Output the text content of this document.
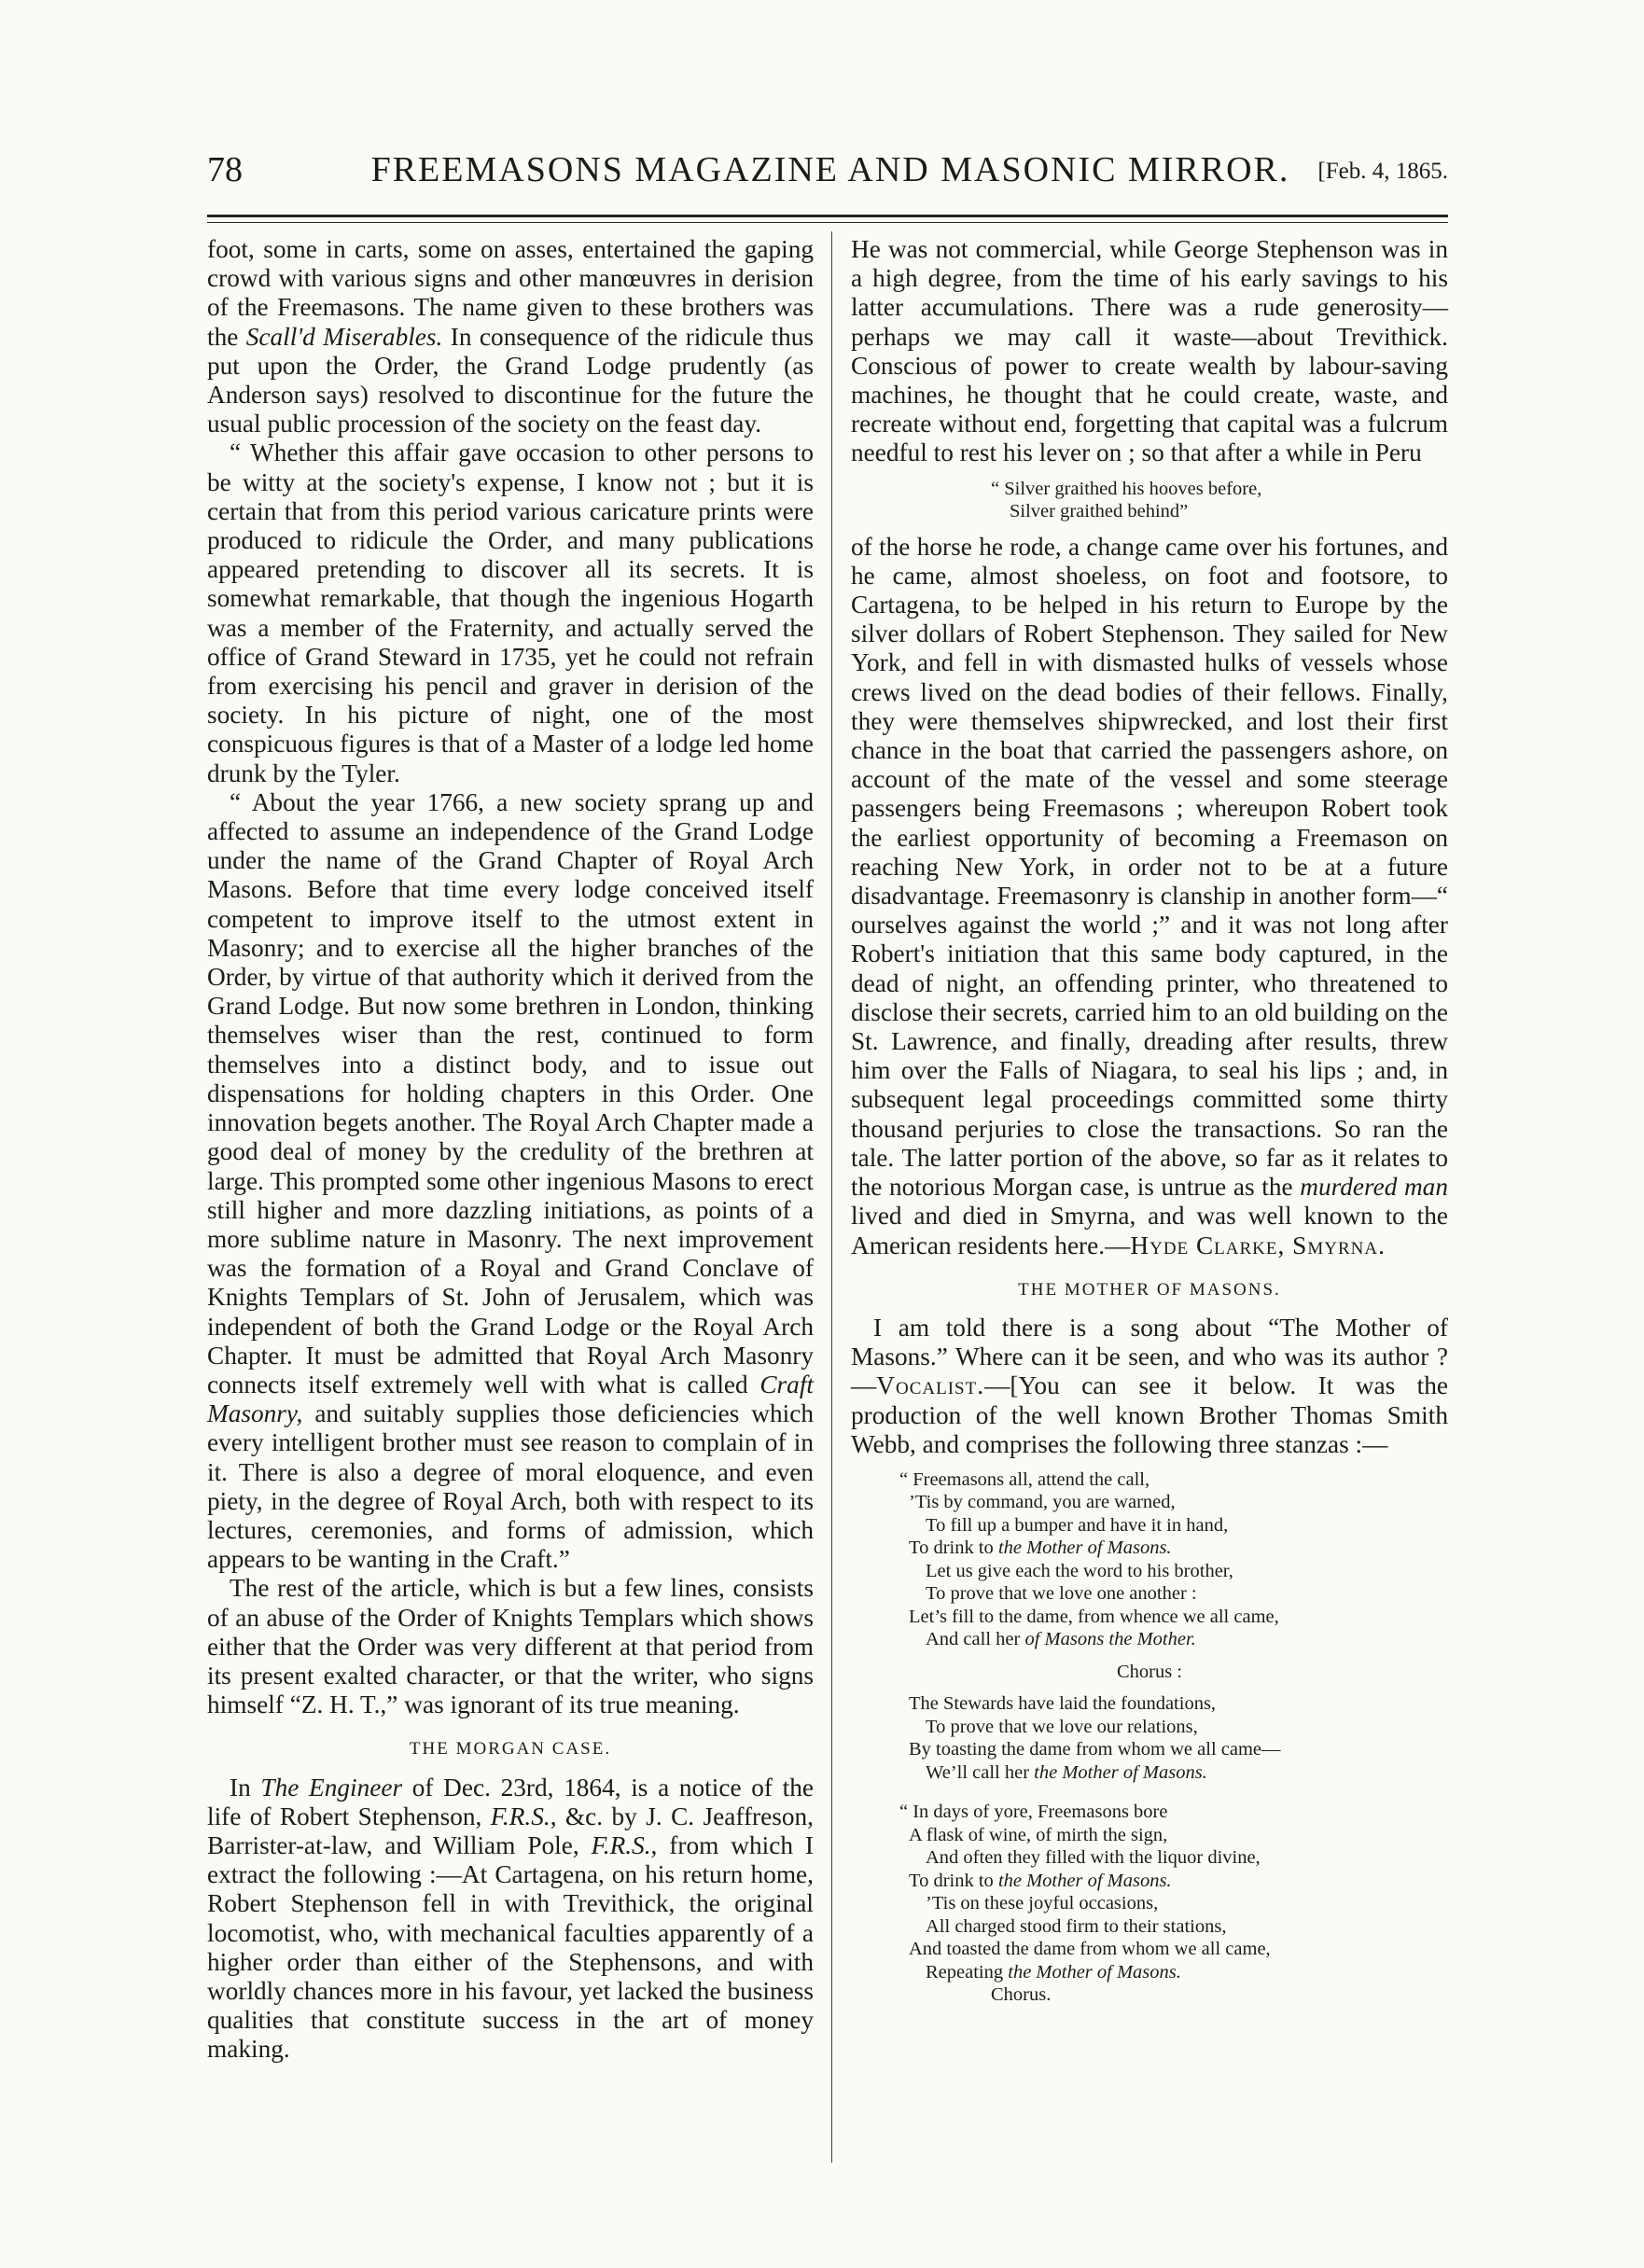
78	FREEMASONS MAGAZINE AND MASONIC MIRROR.	[Feb. 4, 1865.

foot, some in carts, some on asses, entertained the gaping crowd with various signs and other manœuvres in derision of the Freemasons. The name given to these brothers was the Scall'd Miserables. In consequence of the ridicule thus put upon the Order, the Grand Lodge prudently (as Anderson says) resolved to discontinue for the future the usual public procession of the society on the feast day.

“ Whether this affair gave occasion to other persons to be witty at the society's expense, I know not ; but it is certain that from this period various caricature prints were produced to ridicule the Order, and many publications appeared pretending to discover all its secrets. It is somewhat remarkable, that though the ingenious Hogarth was a member of the Fraternity, and actually served the office of Grand Steward in 1735, yet he could not refrain from exercising his pencil and graver in derision of the society. In his picture of night, one of the most conspicuous figures is that of a Master of a lodge led home drunk by the Tyler.

“ About the year 1766, a new society sprang up and affected to assume an independence of the Grand Lodge under the name of the Grand Chapter of Royal Arch Masons. Before that time every lodge conceived itself competent to improve itself to the utmost extent in Masonry; and to exercise all the higher branches of the Order, by virtue of that authority which it derived from the Grand Lodge. But now some brethren in London, thinking themselves wiser than the rest, continued to form themselves into a distinct body, and to issue out dispensations for holding chapters in this Order. One innovation begets another. The Royal Arch Chapter made a good deal of money by the credulity of the brethren at large. This prompted some other ingenious Masons to erect still higher and more dazzling initiations, as points of a more sublime nature in Masonry. The next improvement was the formation of a Royal and Grand Conclave of Knights Templars of St. John of Jerusalem, which was independent of both the Grand Lodge or the Royal Arch Chapter. It must be admitted that Royal Arch Masonry connects itself extremely well with what is called Craft Masonry, and suitably supplies those deficiencies which every intelligent brother must see reason to complain of in it. There is also a degree of moral eloquence, and even piety, in the degree of Royal Arch, both with respect to its lectures, ceremonies, and forms of admission, which appears to be wanting in the Craft.”

The rest of the article, which is but a few lines, consists of an abuse of the Order of Knights Templars which shows either that the Order was very different at that period from its present exalted character, or that the writer, who signs himself “Z. H. T.,” was ignorant of its true meaning.

THE MORGAN CASE.

In The Engineer of Dec. 23rd, 1864, is a notice of the life of Robert Stephenson, F.R.S., &c. by J. C. Jeaffreson, Barrister-at-law, and William Pole, F.R.S., from which I extract the following :—At Cartagena, on his return home, Robert Stephenson fell in with Trevithick, the original locomotist, who, with mechanical faculties apparently of a higher order than either of the Stephensons, and with worldly chances more in his favour, yet lacked the business qualities that constitute success in the art of money making.

He was not commercial, while George Stephenson was in a high degree, from the time of his early savings to his latter accumulations. There was a rude generosity—perhaps we may call it waste—about Trevithick. Conscious of power to create wealth by labour-saving machines, he thought that he could create, waste, and recreate without end, forgetting that capital was a fulcrum needful to rest his lever on ; so that after a while in Peru

“ Silver graithed his hooves before,
Silver graithed behind”

of the horse he rode, a change came over his fortunes, and he came, almost shoeless, on foot and footsore, to Cartagena, to be helped in his return to Europe by the silver dollars of Robert Stephenson. They sailed for New York, and fell in with dismasted hulks of vessels whose crews lived on the dead bodies of their fellows. Finally, they were themselves shipwrecked, and lost their first chance in the boat that carried the passengers ashore, on account of the mate of the vessel and some steerage passengers being Freemasons ; whereupon Robert took the earliest opportunity of becoming a Freemason on reaching New York, in order not to be at a future disadvantage. Freemasonry is clanship in another form—“ ourselves against the world ;” and it was not long after Robert's initiation that this same body captured, in the dead of night, an offending printer, who threatened to disclose their secrets, carried him to an old building on the St. Lawrence, and finally, dreading after results, threw him over the Falls of Niagara, to seal his lips ; and, in subsequent legal proceedings committed some thirty thousand perjuries to close the transactions. So ran the tale. The latter portion of the above, so far as it relates to the notorious Morgan case, is untrue as the murdered man lived and died in Smyrna, and was well known to the American residents here.—Hyde Clarke, Smyrna.

THE MOTHER OF MASONS.

I am told there is a song about “The Mother of Masons.” Where can it be seen, and who was its author ?—Vocalist.—[You can see it below. It was the production of the well known Brother Thomas Smith Webb, and comprises the following three stanzas :—

“ Freemasons all, attend the call,
’Tis by command, you are warned,
To fill up a bumper and have it in hand,
To drink to the Mother of Masons.
Let us give each the word to his brother,
To prove that we love one another :
Let’s fill to the dame, from whence we all came,
And call her of Masons the Mother.
Chorus :
The Stewards have laid the foundations,
To prove that we love our relations,
By toasting the dame from whom we all came—
We’ll call her the Mother of Masons.
“ In days of yore, Freemasons bore
A flask of wine, of mirth the sign,
And often they filled with the liquor divine,
To drink to the Mother of Masons.
’Tis on these joyful occasions,
All charged stood firm to their stations,
And toasted the dame from whom we all came,
Repeating the Mother of Masons.
Chorus.
